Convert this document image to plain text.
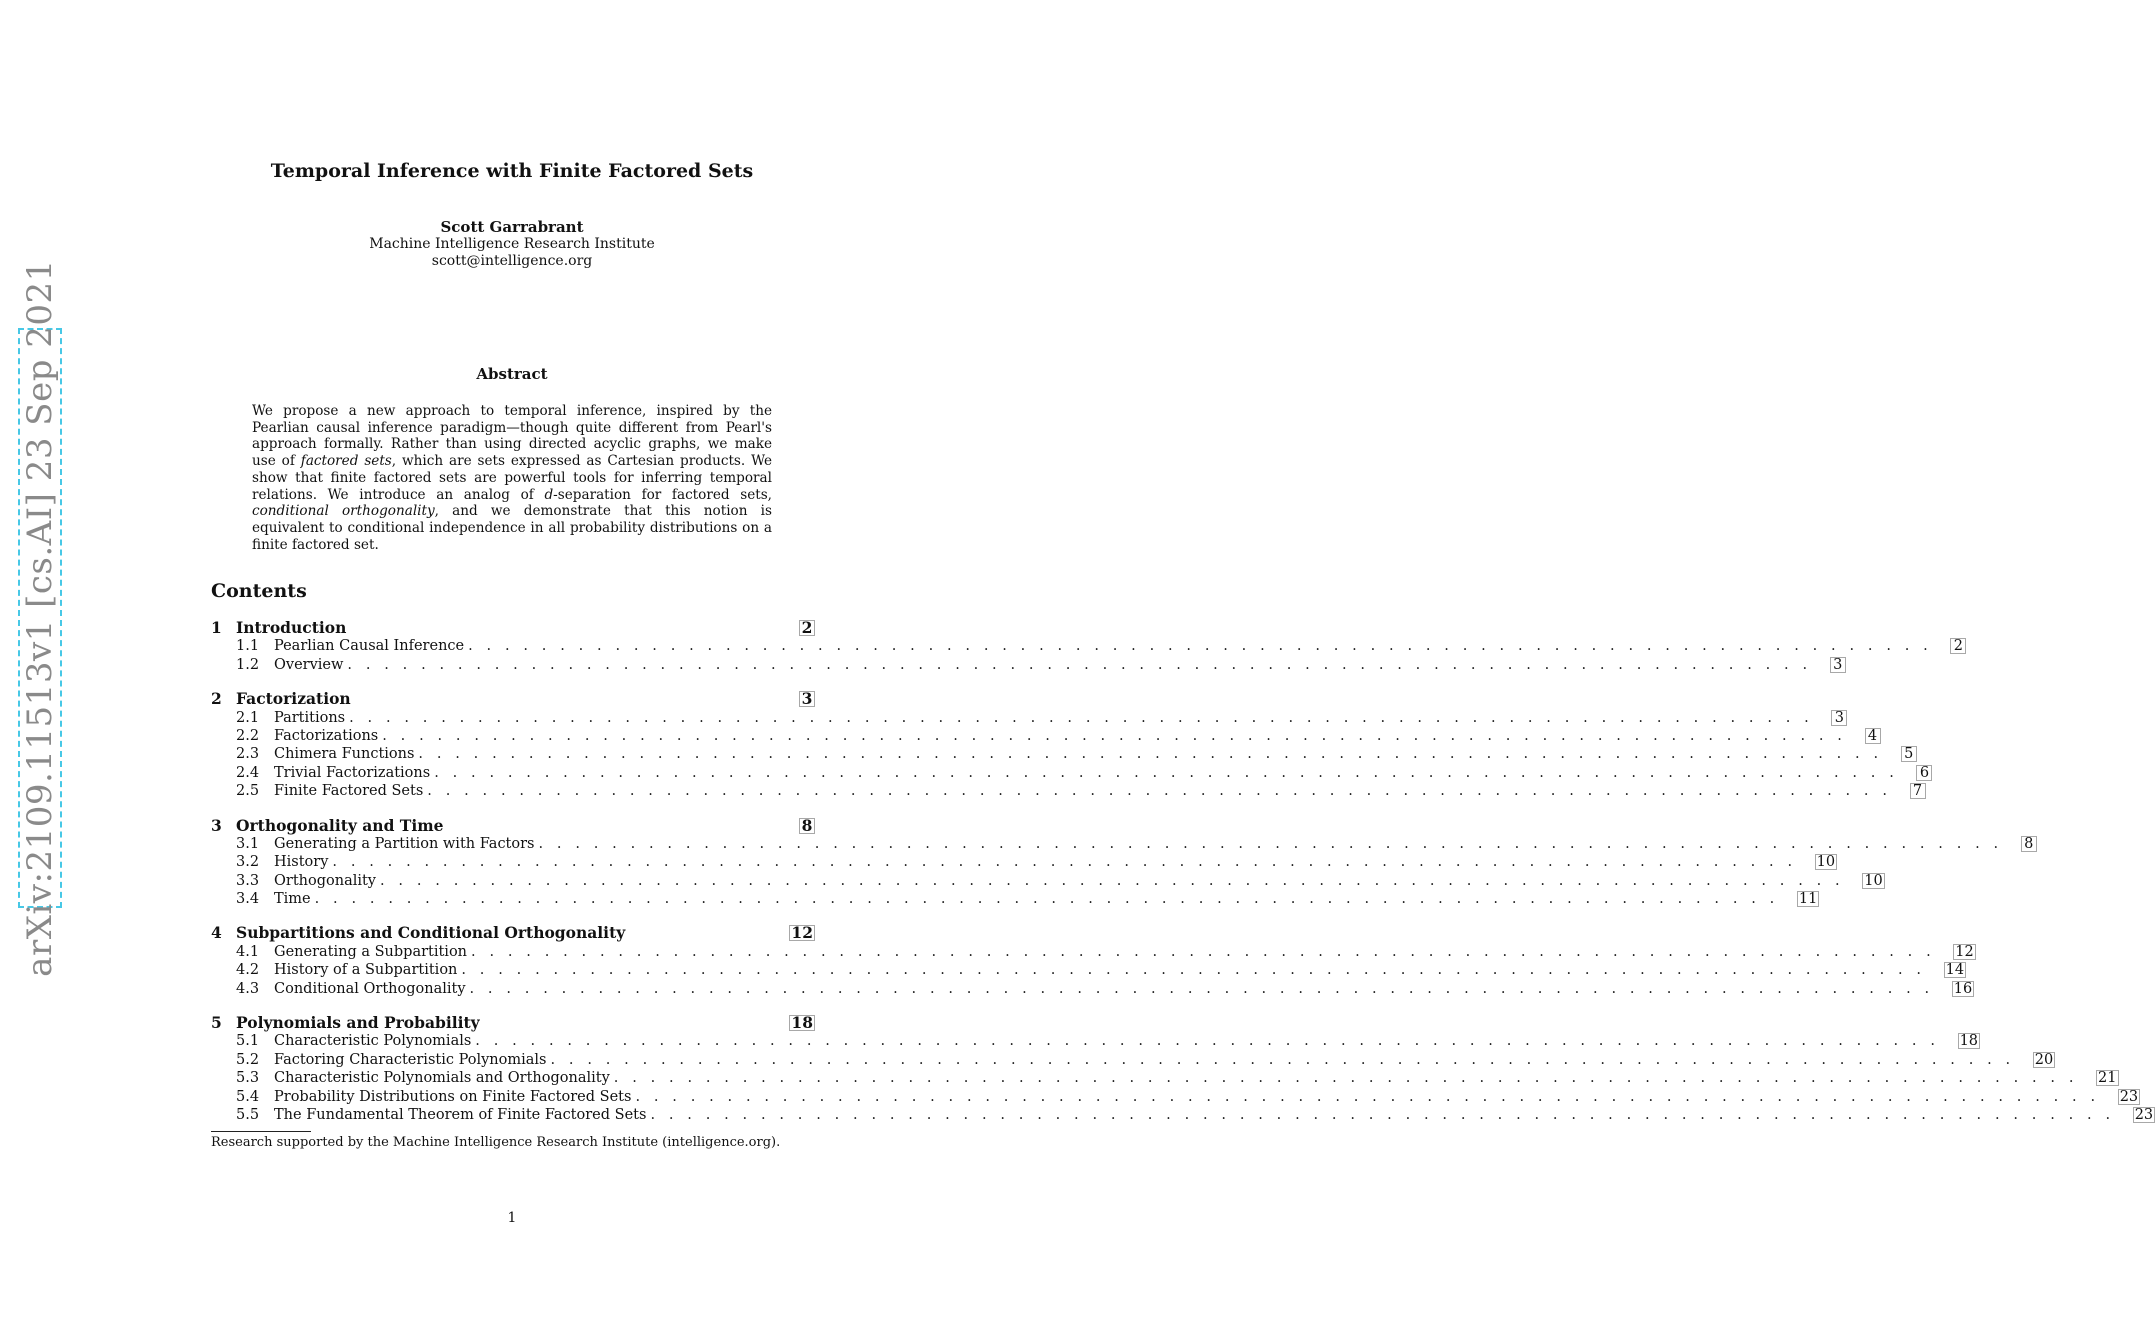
arXiv:2109.11513v1 [cs.AI] 23 Sep 2021
Temporal Inference with Finite Factored Sets
Scott Garrabrant
Machine Intelligence Research Institute
scott@intelligence.org
Abstract
We propose a new approach to temporal inference, inspired by the Pearlian causal inference paradigm—though quite different from Pearl's approach formally. Rather than using directed acyclic graphs, we make use of factored sets, which are sets expressed as Cartesian products. We show that finite factored sets are powerful tools for inferring temporal relations. We introduce an analog of d-separation for factored sets, conditional orthogonality, and we demonstrate that this notion is equivalent to conditional independence in all probability distributions on a finite factored set.
Contents
1 Introduction	2
1.1	Pearlian Causal Inference . . . . . . . . . . . . . . . . . . . . . . . . . . . . . . . . . . . . . . . . . . . . . . . . . . . . . . . . . . . . . . . . . . . . . . . . . . . . . . . . 2
1.2	Overview . . . . . . . . . . . . . . . . . . . . . . . . . . . . . . . . . . . . . . . . . . . . . . . . . . . . . . . . . . . . . . . . . . . . . . . . . . . . . . . . 3
2 Factorization	3
2.1	Partitions . . . . . . . . . . . . . . . . . . . . . . . . . . . . . . . . . . . . . . . . . . . . . . . . . . . . . . . . . . . . . . . . . . . . . . . . . . . . . . . . 3
2.2	Factorizations . . . . . . . . . . . . . . . . . . . . . . . . . . . . . . . . . . . . . . . . . . . . . . . . . . . . . . . . . . . . . . . . . . . . . . . . . . . . . . . . 4
2.3	Chimera Functions . . . . . . . . . . . . . . . . . . . . . . . . . . . . . . . . . . . . . . . . . . . . . . . . . . . . . . . . . . . . . . . . . . . . . . . . . . . . . . . . 5
2.4	Trivial Factorizations . . . . . . . . . . . . . . . . . . . . . . . . . . . . . . . . . . . . . . . . . . . . . . . . . . . . . . . . . . . . . . . . . . . . . . . . . . . . . . . . 6
2.5	Finite Factored Sets . . . . . . . . . . . . . . . . . . . . . . . . . . . . . . . . . . . . . . . . . . . . . . . . . . . . . . . . . . . . . . . . . . . . . . . . . . . . . . . . 7
3 Orthogonality and Time	8
3.1	Generating a Partition with Factors . . . . . . . . . . . . . . . . . . . . . . . . . . . . . . . . . . . . . . . . . . . . . . . . . . . . . . . . . . . . . . . . . . . . . . . . . . . . . . . . 8
3.2	History . . . . . . . . . . . . . . . . . . . . . . . . . . . . . . . . . . . . . . . . . . . . . . . . . . . . . . . . . . . . . . . . . . . . . . . . . . . . . . . . 10
3.3	Orthogonality . . . . . . . . . . . . . . . . . . . . . . . . . . . . . . . . . . . . . . . . . . . . . . . . . . . . . . . . . . . . . . . . . . . . . . . . . . . . . . . . 10
3.4	Time . . . . . . . . . . . . . . . . . . . . . . . . . . . . . . . . . . . . . . . . . . . . . . . . . . . . . . . . . . . . . . . . . . . . . . . . . . . . . . . . 11
4 Subpartitions and Conditional Orthogonality	12
4.1	Generating a Subpartition . . . . . . . . . . . . . . . . . . . . . . . . . . . . . . . . . . . . . . . . . . . . . . . . . . . . . . . . . . . . . . . . . . . . . . . . . . . . . . . . 12
4.2	History of a Subpartition . . . . . . . . . . . . . . . . . . . . . . . . . . . . . . . . . . . . . . . . . . . . . . . . . . . . . . . . . . . . . . . . . . . . . . . . . . . . . . . . 14
4.3	Conditional Orthogonality . . . . . . . . . . . . . . . . . . . . . . . . . . . . . . . . . . . . . . . . . . . . . . . . . . . . . . . . . . . . . . . . . . . . . . . . . . . . . . . . 16
5 Polynomials and Probability	18
5.1	Characteristic Polynomials . . . . . . . . . . . . . . . . . . . . . . . . . . . . . . . . . . . . . . . . . . . . . . . . . . . . . . . . . . . . . . . . . . . . . . . . . . . . . . . . 18
5.2	Factoring Characteristic Polynomials . . . . . . . . . . . . . . . . . . . . . . . . . . . . . . . . . . . . . . . . . . . . . . . . . . . . . . . . . . . . . . . . . . . . . . . . . . . . . . . . 20
5.3	Characteristic Polynomials and Orthogonality . . . . . . . . . . . . . . . . . . . . . . . . . . . . . . . . . . . . . . . . . . . . . . . . . . . . . . . . . . . . . . . . . . . . . . . . . . . . . . . . 21
5.4	Probability Distributions on Finite Factored Sets . . . . . . . . . . . . . . . . . . . . . . . . . . . . . . . . . . . . . . . . . . . . . . . . . . . . . . . . . . . . . . . . . . . . . . . . . . . . . . . . 23
5.5	The Fundamental Theorem of Finite Factored Sets . . . . . . . . . . . . . . . . . . . . . . . . . . . . . . . . . . . . . . . . . . . . . . . . . . . . . . . . . . . . . . . . . . . . . . . . . . . . . . . . 23
Research supported by the Machine Intelligence Research Institute (intelligence.org).
1
